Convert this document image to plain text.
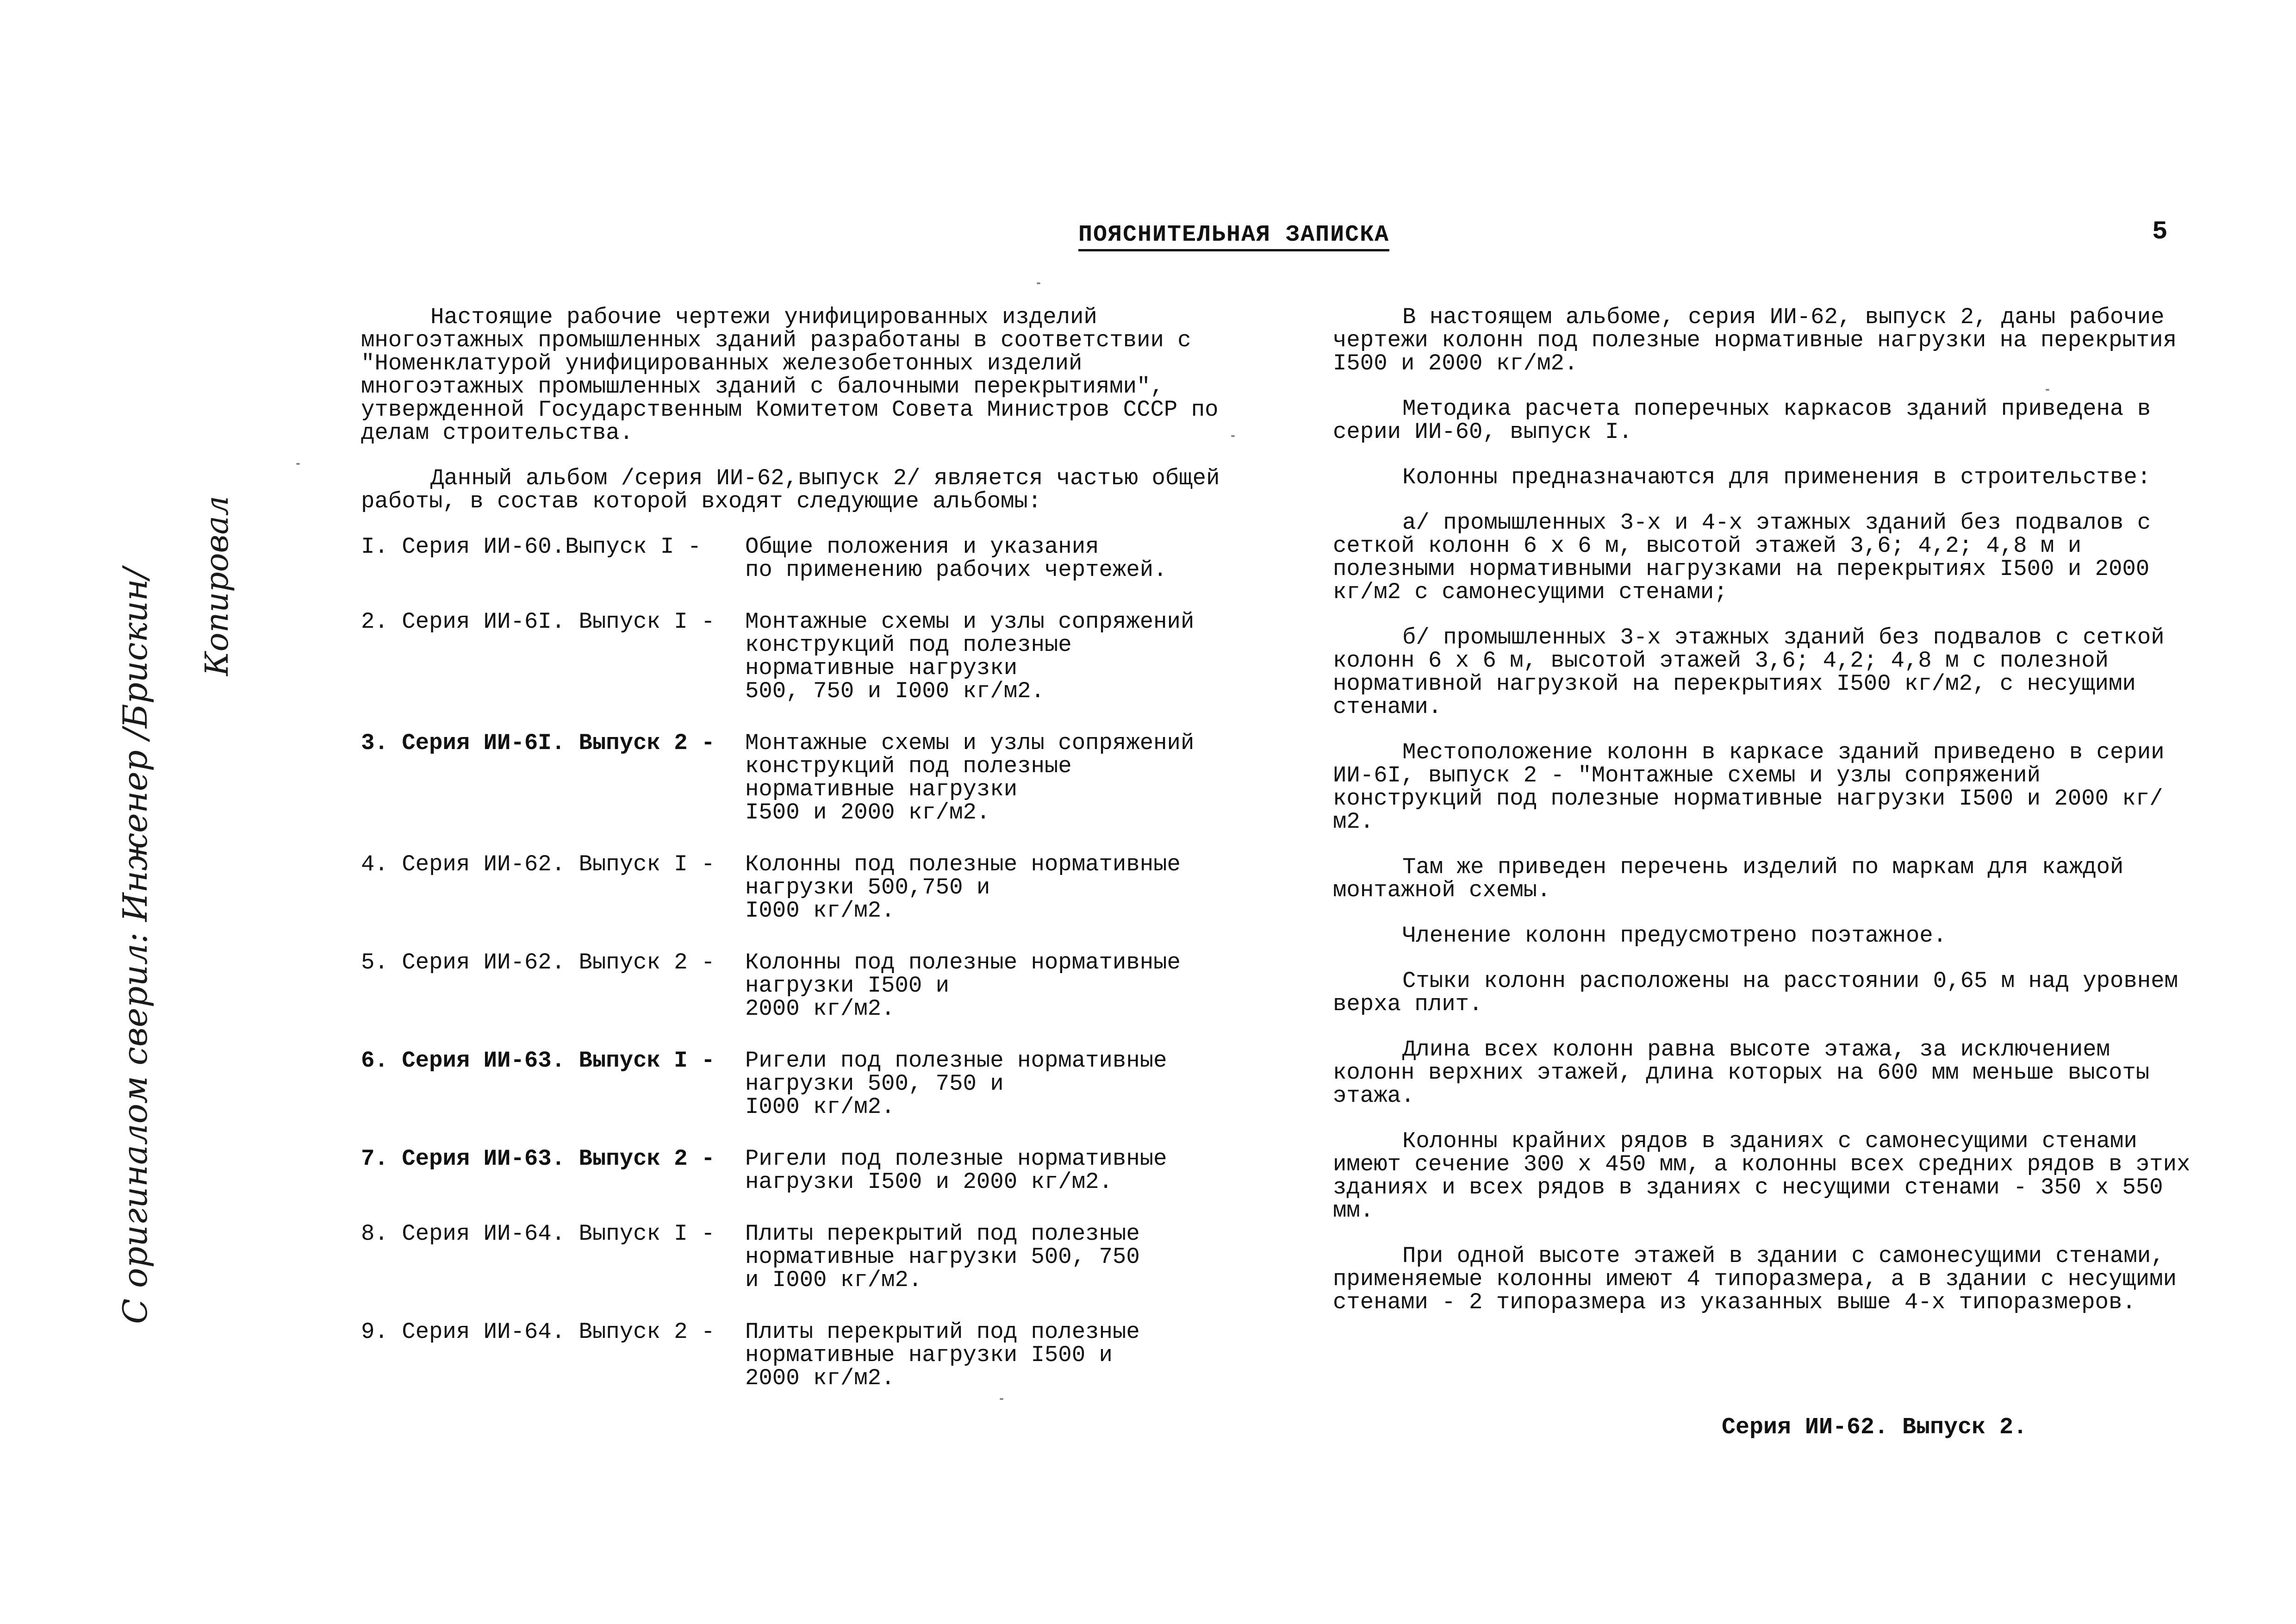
ПОЯСНИТЕЛЬНАЯ ЗАПИСКА	5

Настоящие рабочие чертежи унифицированных изделий многоэтажных промышленных зданий разработаны в соответствии с "Номенклатурой унифицированных железобетонных изделий многоэтажных промышленных зданий с балочными перекрытиями", утвержденной Государственным Комитетом Совета Министров СССР по делам строительства.

Данный альбом /серия ИИ-62,выпуск 2/ является частью общей работы, в состав которой входят следующие альбомы:

I. Серия ИИ-60.Выпуск I -	Общие положения и указания
по применению рабочих чертежей.
2. Серия ИИ-6I. Выпуск I -	Монтажные схемы и узлы сопряжений конструкций под полезные нормативные нагрузки
500, 750 и I000 кг/м2.
3. Серия ИИ-6I. Выпуск 2 -	Монтажные схемы и узлы сопряжений конструкций под полезные нормативные нагрузки
I500 и 2000 кг/м2.
4. Серия ИИ-62. Выпуск I -	Колонны под полезные нормативные нагрузки 500,750 и
I000 кг/м2.
5. Серия ИИ-62. Выпуск 2 -	Колонны под полезные нормативные нагрузки I500 и
2000 кг/м2.
6. Серия ИИ-63. Выпуск I -	Ригели под полезные нормативные нагрузки 500, 750 и
I000 кг/м2.
7. Серия ИИ-63. Выпуск 2 -	Ригели под полезные нормативные нагрузки I500 и 2000 кг/м2.
8. Серия ИИ-64. Выпуск I -	Плиты перекрытий под полезные нормативные нагрузки 500, 750
и I000 кг/м2.
9. Серия ИИ-64. Выпуск 2 -	Плиты перекрытий под полезные нормативные нагрузки I500 и
2000 кг/м2.

В настоящем альбоме, серия ИИ-62, выпуск 2, даны рабочие чертежи колонн под полезные нормативные нагрузки на перекрытия I500 и 2000 кг/м2.

Методика расчета поперечных каркасов зданий приведена в серии ИИ-60, выпуск I.

Колонны предназначаются для применения в строительстве:

а/ промышленных 3-х и 4-х этажных зданий без подвалов с сеткой колонн 6 х 6 м, высотой этажей 3,6; 4,2; 4,8 м и полезными нормативными нагрузками на перекрытиях I500 и 2000 кг/м2 с самонесущими стенами;

б/ промышленных 3-х этажных зданий без подвалов с сеткой колонн 6 х 6 м, высотой этажей 3,6; 4,2; 4,8 м с полезной нормативной нагрузкой на перекрытиях I500 кг/м2, с несущими стенами.

Местоположение колонн в каркасе зданий приведено в серии ИИ-6I, выпуск 2 - "Монтажные схемы и узлы сопряжений конструкций под полезные нормативные нагрузки I500 и 2000 кг/м2.

Там же приведен перечень изделий по маркам для каждой монтажной схемы.

Членение колонн предусмотрено поэтажное.

Стыки колонн расположены на расстоянии 0,65 м над уровнем верха плит.

Длина всех колонн равна высоте этажа, за исключением колонн верхних этажей, длина которых на 600 мм меньше высоты этажа.

Колонны крайних рядов в зданиях с самонесущими стенами имеют сечение 300 х 450 мм, а колонны всех средних рядов в этих зданиях и всех рядов в зданиях с несущими стенами - 350 х 550 мм.

При одной высоте этажей в здании с самонесущими стенами, применяемые колонны имеют 4 типоразмера, а в здании с несущими стенами - 2 типоразмера из указанных выше 4-х типоразмеров.

Серия ИИ-62. Выпуск 2.
С оригиналом сверил: Инженер /Брискин/ Копировал
